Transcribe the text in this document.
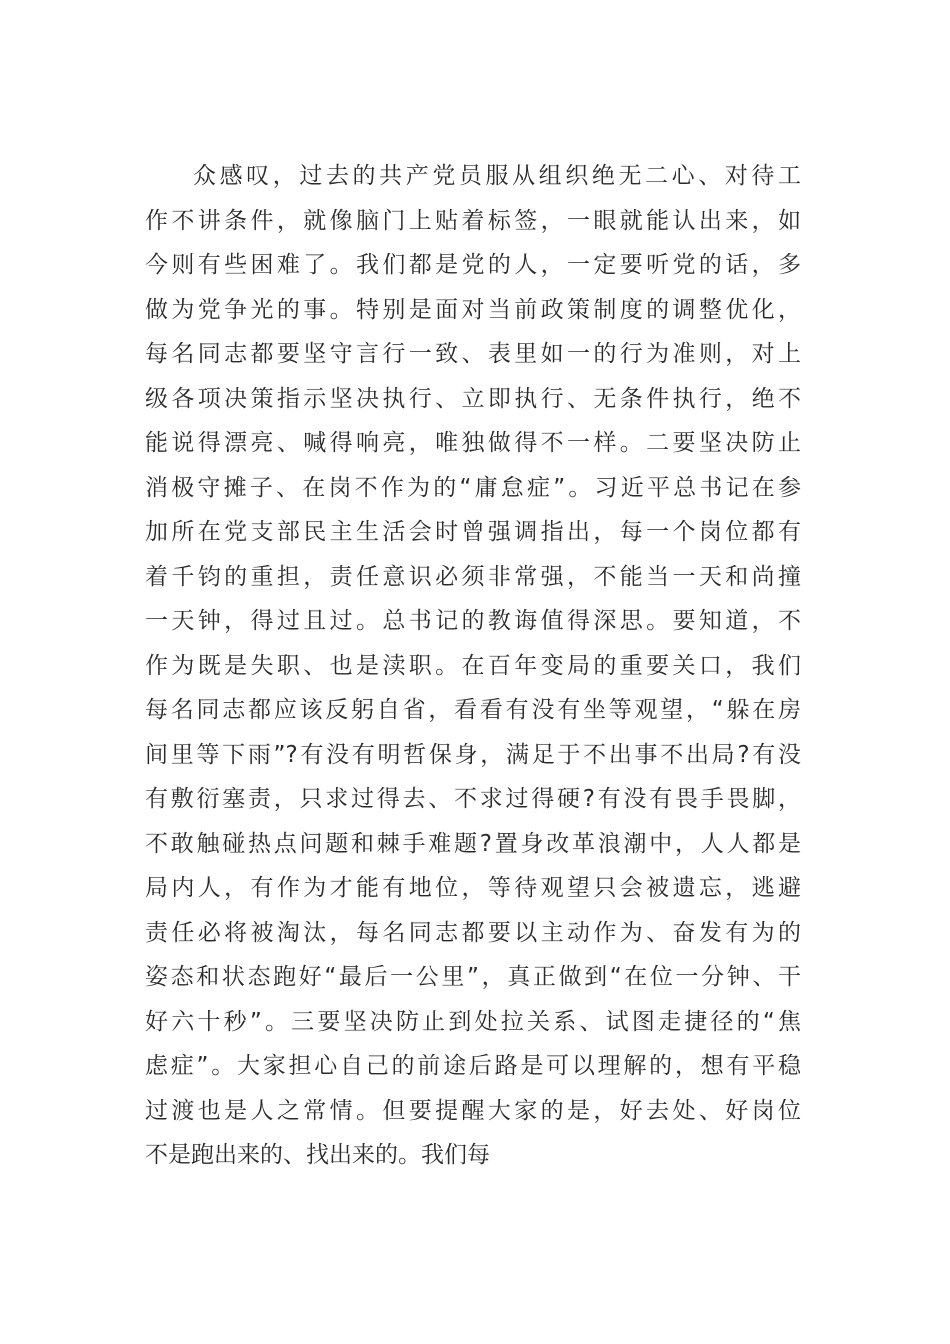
众感叹，过去的共产党员服从组织绝无二心、对待工
作不讲条件，就像脑门上贴着标签，一眼就能认出来，如
今则有些困难了。我们都是党的人，一定要听党的话，多
做为党争光的事。特别是面对当前政策制度的调整优化，
每名同志都要坚守言行一致、表里如一的行为准则，对上
级各项决策指示坚决执行、立即执行、无条件执行，绝不
能说得漂亮、喊得响亮，唯独做得不一样。二要坚决防止
消极守摊子、在岗不作为的“庸怠症”。习近平总书记在参
加所在党支部民主生活会时曾强调指出，每一个岗位都有
着千钧的重担，责任意识必须非常强，不能当一天和尚撞
一天钟，得过且过。总书记的教诲值得深思。要知道，不
作为既是失职、也是渎职。在百年变局的重要关口，我们
每名同志都应该反躬自省，看看有没有坐等观望，“躲在房
间里等下雨”?有没有明哲保身，满足于不出事不出局?有没
有敷衍塞责，只求过得去、不求过得硬?有没有畏手畏脚，
不敢触碰热点问题和棘手难题?置身改革浪潮中，人人都是
局内人，有作为才能有地位，等待观望只会被遗忘，逃避
责任必将被淘汰，每名同志都要以主动作为、奋发有为的
姿态和状态跑好“最后一公里”，真正做到“在位一分钟、干
好六十秒”。三要坚决防止到处拉关系、试图走捷径的“焦
虑症”。大家担心自己的前途后路是可以理解的，想有平稳
过渡也是人之常情。但要提醒大家的是，好去处、好岗位
不是跑出来的、找出来的。我们每
